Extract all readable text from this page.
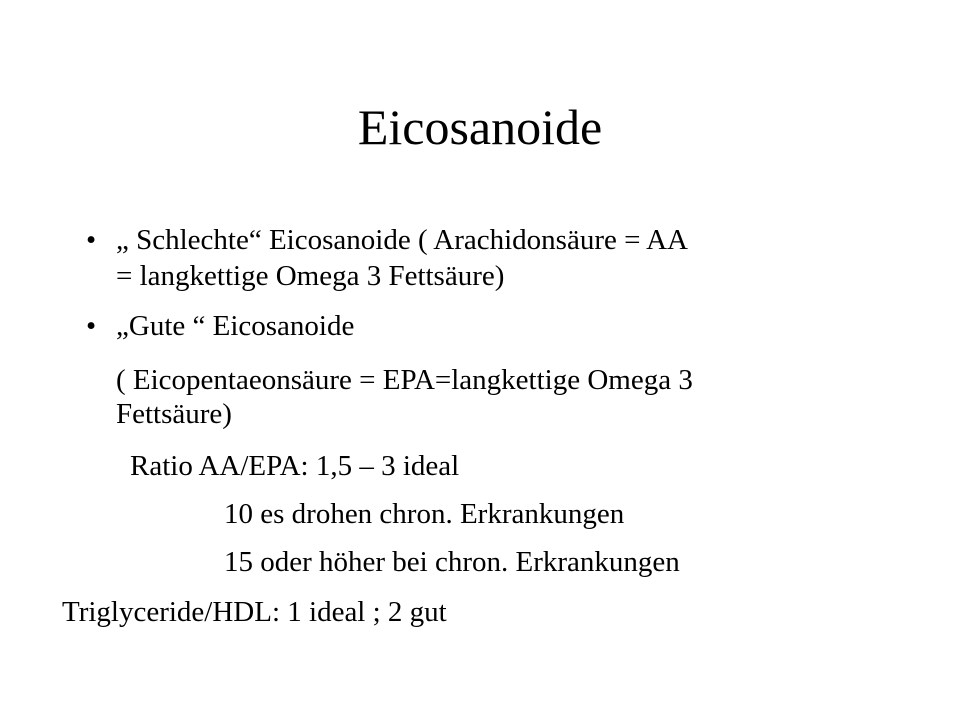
Eicosanoide
• „ Schlechte“ Eicosanoide ( Arachidonsäure = AA
= langkettige Omega 3 Fettsäure)
• „Gute “ Eicosanoide
( Eicopentaeonsäure = EPA=langkettige Omega 3
Fettsäure)
Ratio AA/EPA: 1,5 – 3 ideal
10 es drohen chron. Erkrankungen
15 oder höher bei chron. Erkrankungen
Triglyceride/HDL: 1 ideal ; 2 gut
